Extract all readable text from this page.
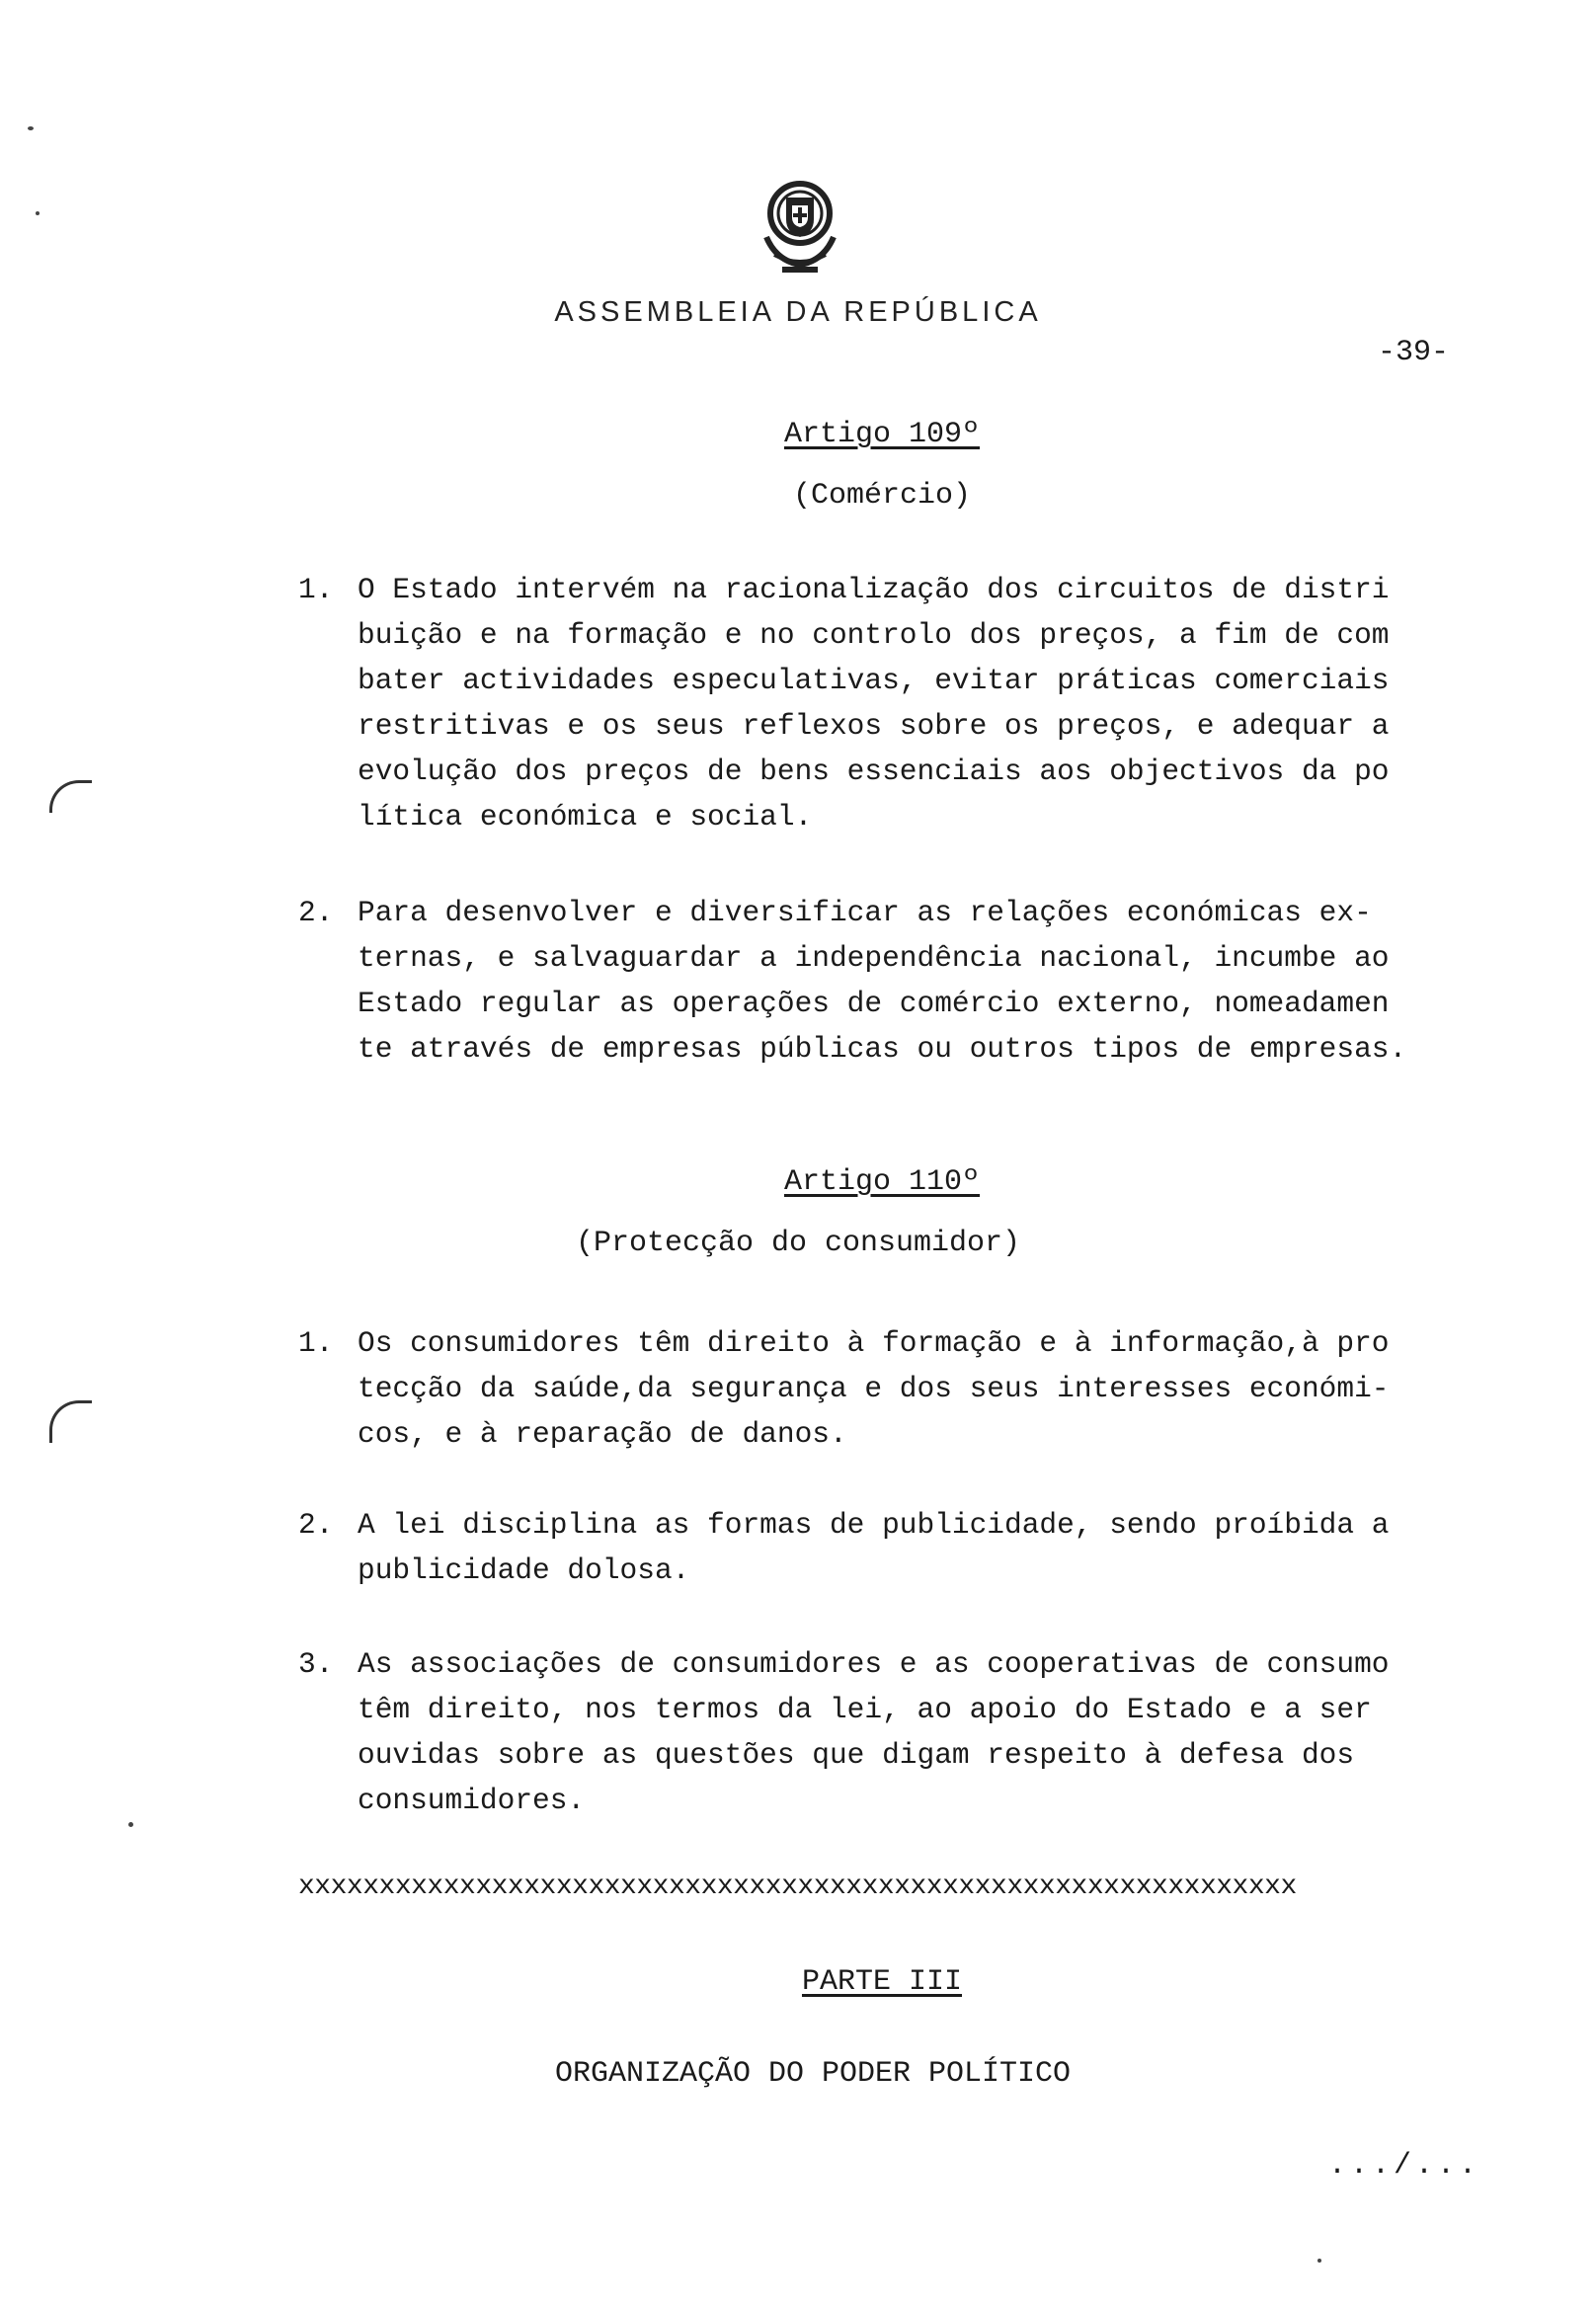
ASSEMBLEIA DA REPÚBLICA
-39-
Artigo 109º
(Comércio)
1. O Estado intervém na racionalização dos circuitos de distri
buição e na formação e no controlo dos preços, a fim de com
bater actividades especulativas, evitar práticas comerciais
restritivas e os seus reflexos sobre os preços, e adequar a
evolução dos preços de bens essenciais aos objectivos da po
lítica económica e social.
2. Para desenvolver e diversificar as relações económicas ex-
ternas, e salvaguardar a independência nacional, incumbe ao
Estado regular as operações de comércio externo, nomeadamen
te através de empresas públicas ou outros tipos de empresas.
Artigo 110º
(Protecção do consumidor)
1. Os consumidores têm direito à formação e à informação,à pro
tecção da saúde,da segurança e dos seus interesses económi-
cos, e à reparação de danos.
2. A lei disciplina as formas de publicidade, sendo proíbida a
publicidade dolosa.
3. As associações de consumidores e as cooperativas de consumo
têm direito, nos termos da lei, ao apoio do Estado e a ser
ouvidas sobre as questões que digam respeito à defesa dos
consumidores.
xxxxxxxxxxxxxxxxxxxxxxxxxxxxxxxxxxxxxxxxxxxxxxxxxxxxxxxxxxxxxx
PARTE III
ORGANIZAÇÃO DO PODER POLÍTICO
.../...
